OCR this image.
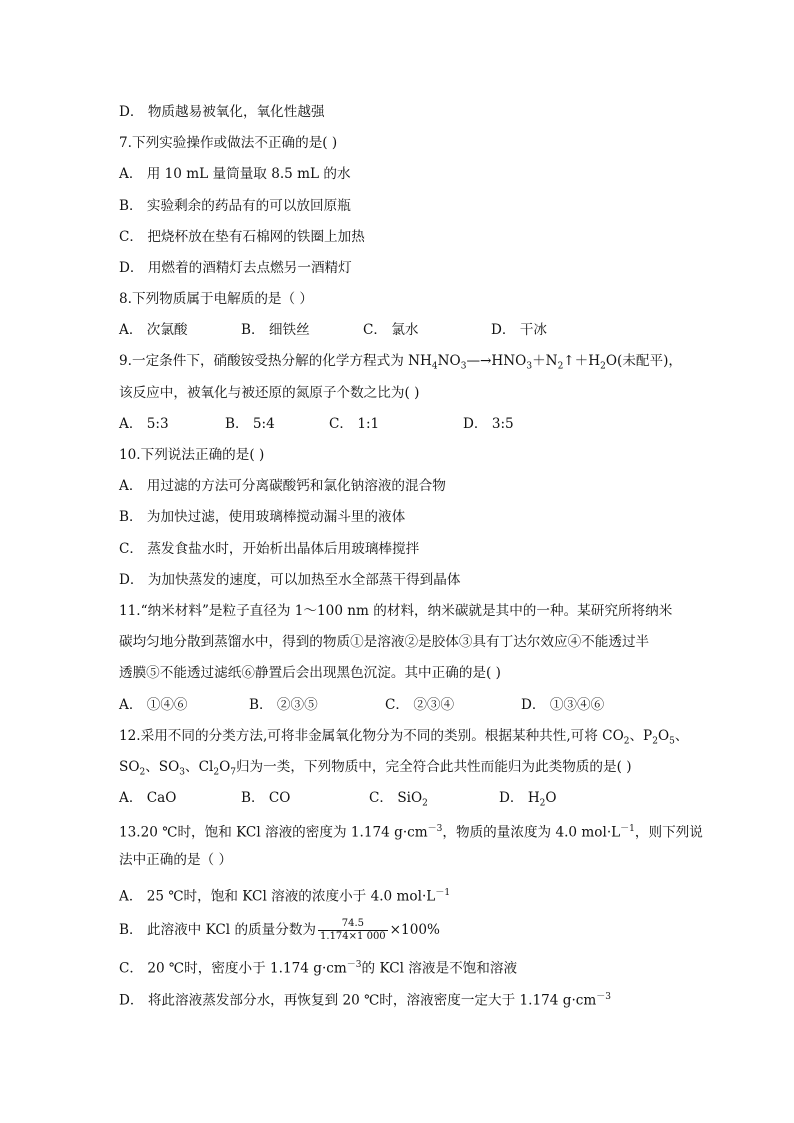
D． 物质越易被氧化，氧化性越强
7.下列实验操作或做法不正确的是( )
A． 用 10 mL 量筒量取 8.5 mL 的水
B． 实验剩余的药品有的可以放回原瓶
C． 把烧杯放在垫有石棉网的铁圈上加热
D． 用燃着的酒精灯去点燃另一酒精灯
8.下列物质属于电解质的是（ ）
A． 次氯酸	B． 细铁丝	C． 氯水	D． 干冰
9.一定条件下，硝酸铵受热分解的化学方程式为 $NH_4NO_3—\to HNO_3+N_2↑+H_2O$(未配平)，
该反应中，被氧化与被还原的氮原子个数之比为( )
A． 5:3	B． 5:4	C． 1:1	D． 3:5
10.下列说法正确的是( )
A． 用过滤的方法可分离碳酸钙和氯化钠溶液的混合物
B． 为加快过滤，使用玻璃棒搅动漏斗里的液体
C． 蒸发食盐水时，开始析出晶体后用玻璃棒搅拌
D． 为加快蒸发的速度，可以加热至水全部蒸干得到晶体
11.“纳米材料”是粒子直径为 1～100 nm 的材料，纳米碳就是其中的一种。某研究所将纳米
碳均匀地分散到蒸馏水中，得到的物质①是溶液②是胶体③具有丁达尔效应④不能透过半
透膜⑤不能透过滤纸⑥静置后会出现黑色沉淀。其中正确的是( )
A． ①④⑥	B． ②③⑤	C． ②③④	D． ①③④⑥
12.采用不同的分类方法,可将非金属氧化物分为不同的类别。根据某种共性,可将 $CO_2$、$P_2O_5$、
$SO_2$、$SO_3$、$Cl_2O_7$归为一类，下列物质中，完全符合此共性而能归为此类物质的是( )
A． CaO	B． CO	C． SiO$_2$	D． $H_2O$
13.20 ℃时，饱和 KCl 溶液的密度为 1.174 $g\cdot cm^{-3}$，物质的量浓度为 4.0 $mol\cdot L^{-1}$，则下列说
法中正确的是（ ）
A． 25 ℃时，饱和 KCl 溶液的浓度小于 4.0 $mol\cdot L^{-1}$
B． 此溶液中 KCl 的质量分数为 $\frac{74.5}{1.174\times 1 000} \times 100\%$
C． 20 ℃时，密度小于 1.174 $g\cdot cm^{-3}$的 KCl 溶液是不饱和溶液
D． 将此溶液蒸发部分水，再恢复到 20 ℃时，溶液密度一定大于 1.174 $g\cdot cm^{-3}$
